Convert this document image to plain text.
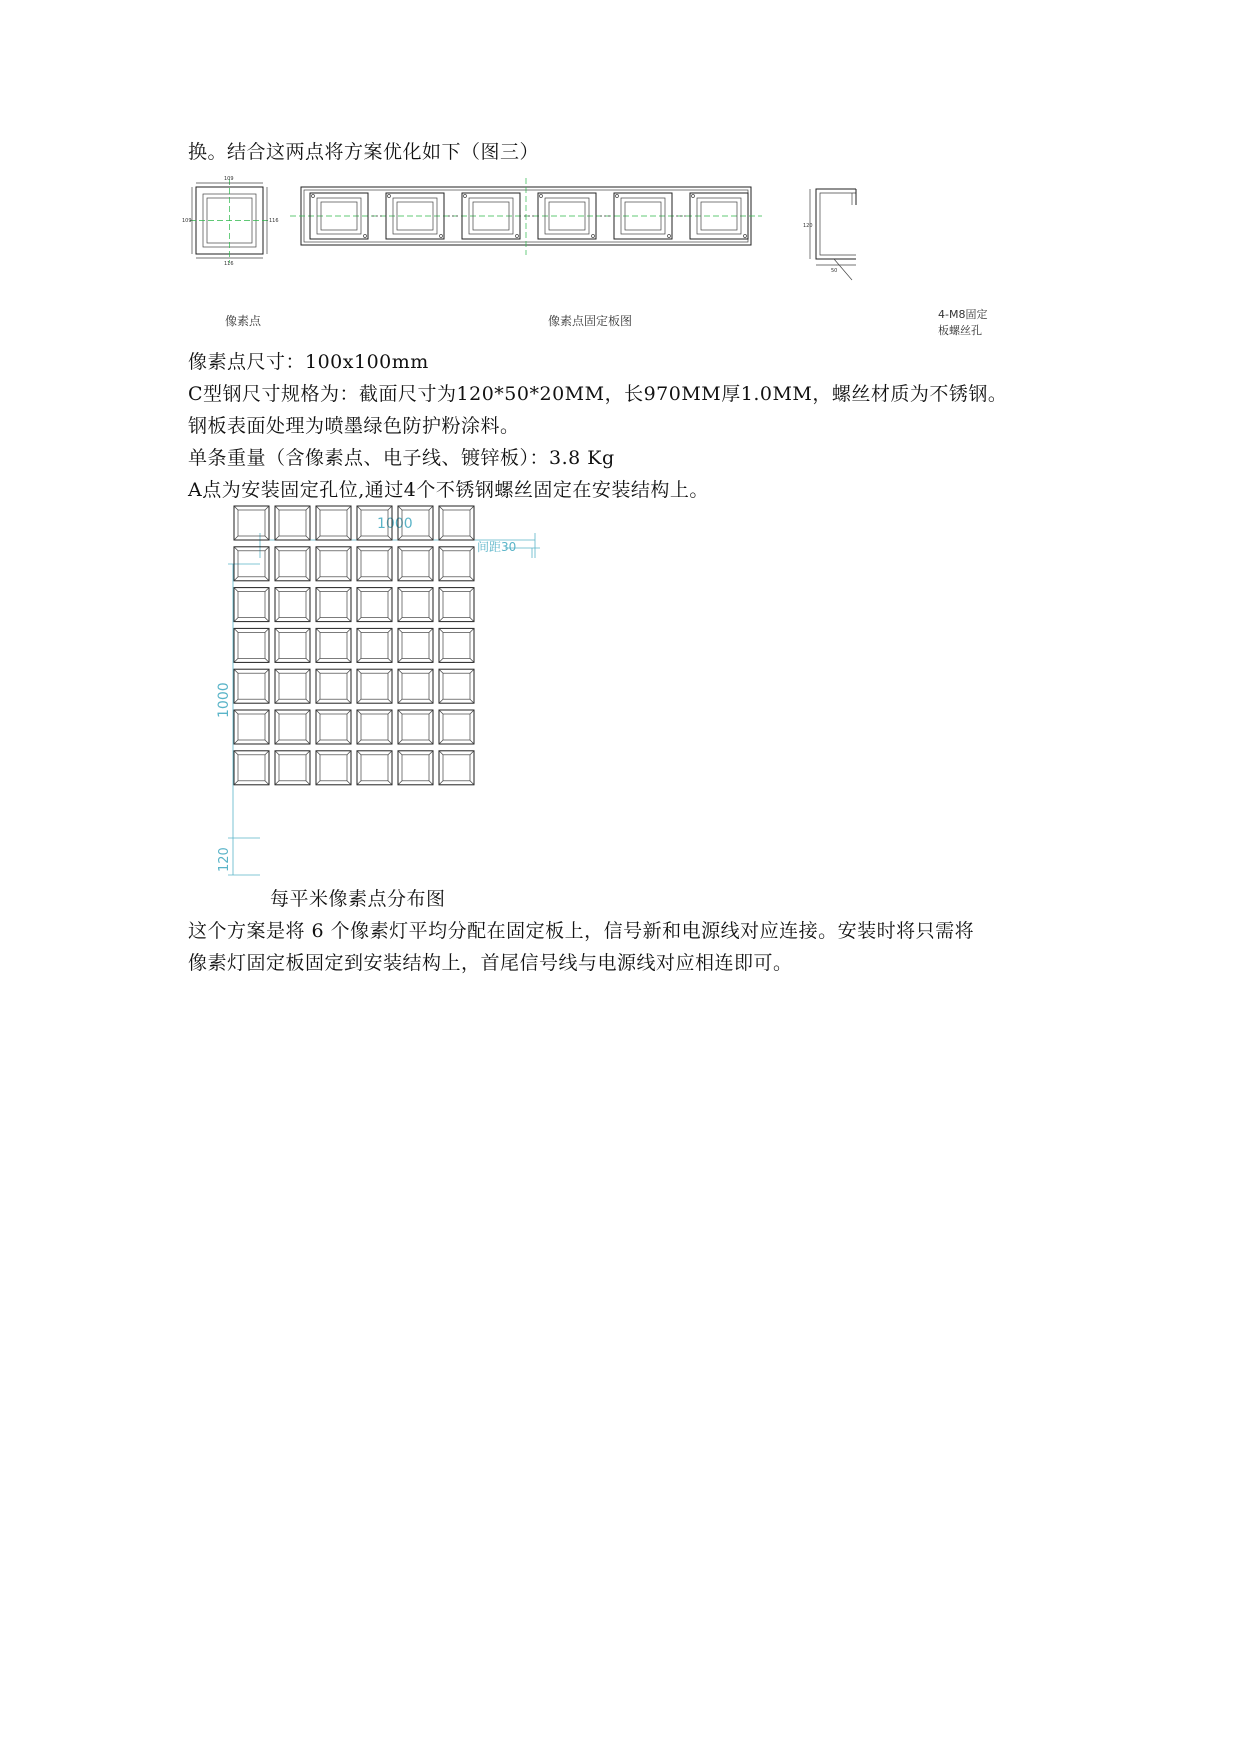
换。结合这两点将方案优化如下（图三）
109
109	116
116
120
50
像素点	像素点固定板图	4-M8固定
板螺丝孔
像素点尺寸：100x100mm
C型钢尺寸规格为：截面尺寸为120*50*20MM，长970MM厚1.0MM，螺丝材质为不锈钢。
钢板表面处理为喷墨绿色防护粉涂料。
单条重量（含像素点、电子线、镀锌板）：3.8 Kg
A点为安装固定孔位,通过4个不锈钢螺丝固定在安装结构上。
1000
间距30
1000
120
每平米像素点分布图
这个方案是将 6 个像素灯平均分配在固定板上，信号新和电源线对应连接。安装时将只需将
像素灯固定板固定到安装结构上，首尾信号线与电源线对应相连即可。
